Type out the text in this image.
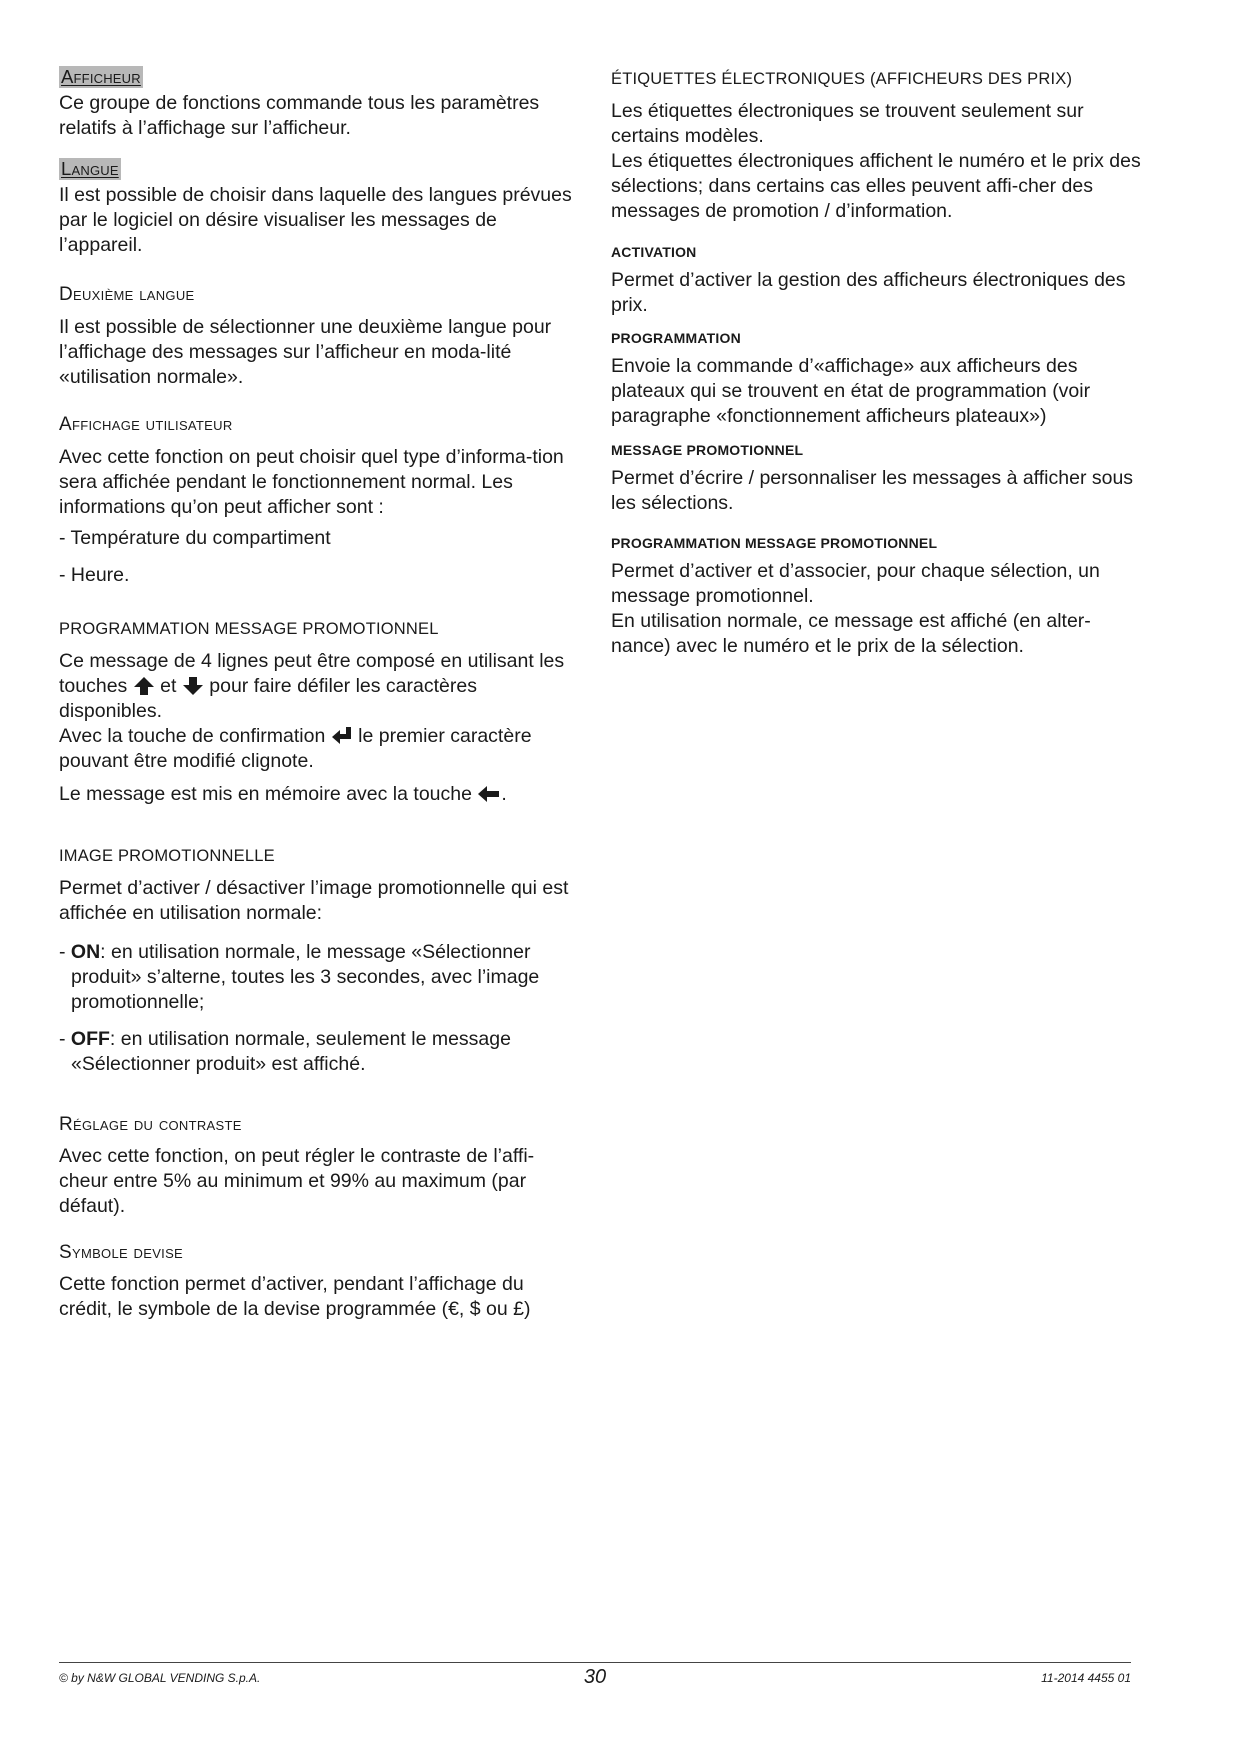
Afficheur

Ce groupe de fonctions commande tous les paramètres relatifs à l’affichage sur l’afficheur.

Langue

Il est possible de choisir dans laquelle des langues prévues par le logiciel on désire visualiser les messages de l’appareil.

Deuxième langue

Il est possible de sélectionner une deuxième langue pour l’affichage des messages sur l’afficheur en moda-lité «utilisation normale».

Affichage utilisateur

Avec cette fonction on peut choisir quel type d’informa-tion sera affichée pendant le fonctionnement normal. Les informations qu’on peut afficher sont :

- Température du compartiment

- Heure.

PROGRAMMATION MESSAGE PROMOTIONNEL

Ce message de 4 lignes peut être composé en utilisant les touches et pour faire défiler les caractères disponibles.
Avec la touche de confirmation le premier caractère pouvant être modifié clignote.

Le message est mis en mémoire avec la touche .

IMAGE PROMOTIONNELLE

Permet d’activer / désactiver l’image promotionnelle qui est affichée en utilisation normale:

- ON: en utilisation normale, le message «Sélectionner produit» s’alterne, toutes les 3 secondes, avec l’image promotionnelle;

- OFF: en utilisation normale, seulement le message «Sélectionner produit» est affiché.

Réglage du contraste

Avec cette fonction, on peut régler le contraste de l’affi-cheur entre 5% au minimum et 99% au maximum (par défaut).

Symbole devise

Cette fonction permet d’activer, pendant l’affichage du crédit, le symbole de la devise programmée (€, $ ou £)

ÉTIQUETTES ÉLECTRONIQUES (AFFICHEURS DES PRIX)

Les étiquettes électroniques se trouvent seulement sur certains modèles.

Les étiquettes électroniques affichent le numéro et le prix des sélections; dans certains cas elles peuvent affi-cher des messages de promotion / d’information.

ACTIVATION

Permet d’activer la gestion des afficheurs électroniques des prix.

PROGRAMMATION

Envoie la commande d’«affichage» aux afficheurs des plateaux qui se trouvent en état de programmation (voir paragraphe «fonctionnement afficheurs plateaux»)

MESSAGE PROMOTIONNEL

Permet d’écrire / personnaliser les messages à afficher sous les sélections.

PROGRAMMATION MESSAGE PROMOTIONNEL

Permet d’activer et d’associer, pour chaque sélection, un message promotionnel.

En utilisation normale, ce message est affiché (en alter-nance) avec le numéro et le prix de la sélection.

© by N&W GLOBAL VENDING S.p.A.	30	11-2014 4455 01
